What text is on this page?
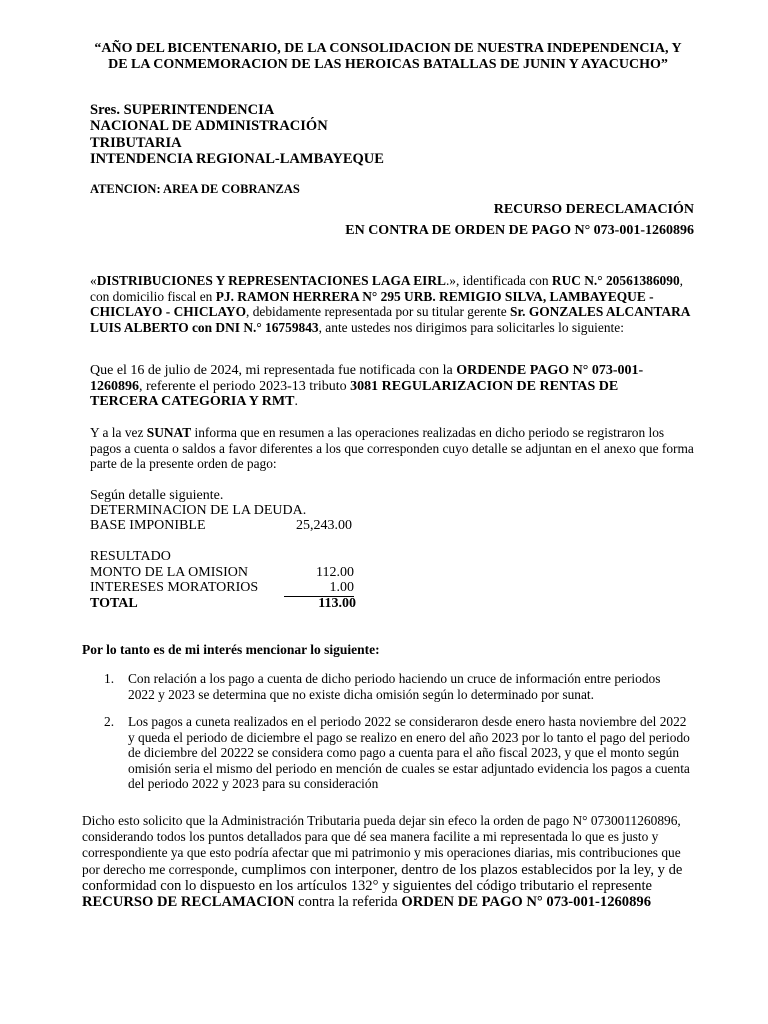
“AÑO DEL BICENTENARIO, DE LA CONSOLIDACION DE NUESTRA INDEPENDENCIA, Y DE LA CONMEMORACION DE LAS HEROICAS BATALLAS DE JUNIN Y AYACUCHO”
Sres. SUPERINTENDENCIA
NACIONAL DE ADMINISTRACIÓN
TRIBUTARIA
INTENDENCIA REGIONAL-LAMBAYEQUE
ATENCION: AREA DE COBRANZAS
RECURSO DERECLAMACIÓN
EN CONTRA DE ORDEN DE PAGO N° 073-001-1260896
«DISTRIBUCIONES Y REPRESENTACIONES LAGA EIRL.», identificada con RUC N.° 20561386090, con domicilio fiscal en PJ. RAMON HERRERA N° 295 URB. REMIGIO SILVA, LAMBAYEQUE - CHICLAYO - CHICLAYO, debidamente representada por su titular gerente Sr. GONZALES ALCANTARA LUIS ALBERTO con DNI N.° 16759843, ante ustedes nos dirigimos para solicitarles lo siguiente:
Que el 16 de julio de 2024, mi representada fue notificada con la ORDENDE PAGO N° 073-001-1260896, referente el periodo 2023-13 tributo 3081 REGULARIZACION DE RENTAS DE TERCERA CATEGORIA Y RMT.
Y a la vez SUNAT informa que en resumen a las operaciones realizadas en dicho periodo se registraron los pagos a cuenta o saldos a favor diferentes a los que corresponden cuyo detalle se adjuntan en el anexo que forma parte de la presente orden de pago:
Según detalle siguiente.
DETERMINACION DE LA DEUDA.
BASE IMPONIBLE	25,243.00
RESULTADO
MONTO DE LA OMISION	112.00
INTERESES MORATORIOS	1.00
TOTAL	113.00
Por lo tanto es de mi interés mencionar lo siguiente:
1. Con relación a los pago a cuenta de dicho periodo haciendo un cruce de información entre periodos 2022 y 2023 se determina que no existe dicha omisión según lo determinado por sunat.
2. Los pagos a cuneta realizados en el periodo 2022 se consideraron desde enero hasta noviembre del 2022 y queda el periodo de diciembre el pago se realizo en enero del año 2023 por lo tanto el pago del periodo de diciembre del 20222 se considera como pago a cuenta para el año fiscal 2023, y que el monto según omisión seria el mismo del periodo en mención de cuales se estar adjuntado evidencia los pagos a cuenta del periodo 2022 y 2023 para su consideración
Dicho esto solicito que la Administración Tributaria pueda dejar sin efeco la orden de pago N° 0730011260896, considerando todos los puntos detallados para que dé sea manera facilite a mi representada lo que es justo y correspondiente ya que esto podría afectar que mi patrimonio y mis operaciones diarias, mis contribuciones que por derecho me corresponde, cumplimos con interponer, dentro de los plazos establecidos por la ley, y de conformidad con lo dispuesto en los artículos 132° y siguientes del código tributario el represente RECURSO DE RECLAMACION contra la referida ORDEN DE PAGO N° 073-001-1260896
